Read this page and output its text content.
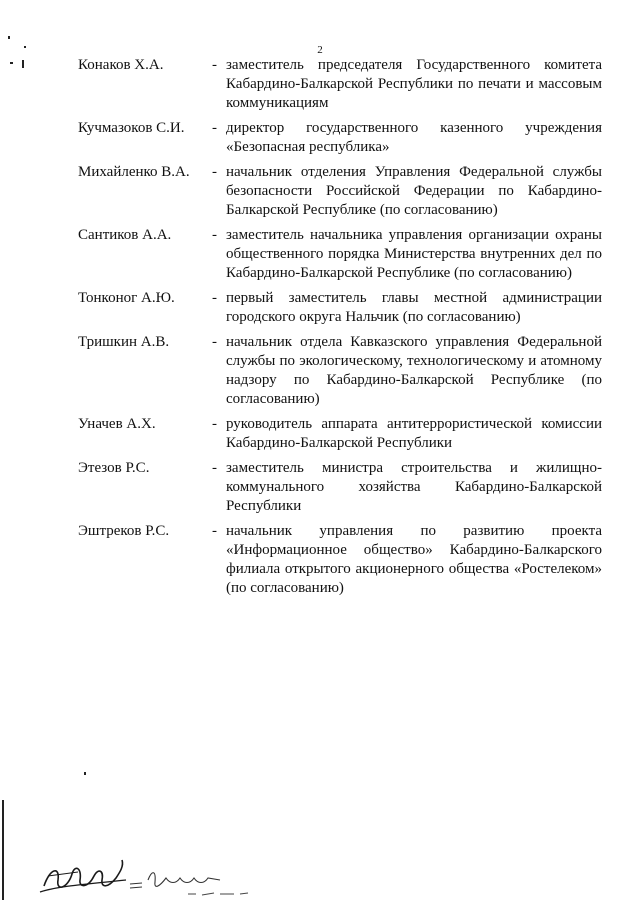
2
Конаков Х.А.	- заместитель председателя Государственного комитета Кабардино-Балкарской Республики по печати и массовым коммуникациям
Кучмазоков С.И. - директор государственного казенного учреждения «Безопасная республика»
Михайленко В.А. - начальник отделения Управления Федеральной службы безопасности Российской Федерации по Кабардино-Балкарской Республике (по согласованию)
Сантиков А.А.	- заместитель начальника управления организации охраны общественного порядка Министерства внутренних дел по Кабардино-Балкарской Республике (по согласованию)
Тонконог А.Ю. - первый заместитель главы местной администрации городского округа Нальчик (по согласованию)
Тришкин А.В.	- начальник отдела Кавказского управления Федеральной службы по экологическому, технологическому и атомному надзору по Кабардино-Балкарской Республике (по согласованию)
Уначев А.Х.	- руководитель аппарата антитеррористической комиссии Кабардино-Балкарской Республики
Этезов Р.С.	- заместитель министра строительства и жилищно-коммунального хозяйства Кабардино-Балкарской Республики
Эштреков Р.С.	- начальник управления по развитию проекта «Информационное общество» Кабардино-Балкарского филиала открытого акционерного общества «Ростелеком» (по согласованию)
